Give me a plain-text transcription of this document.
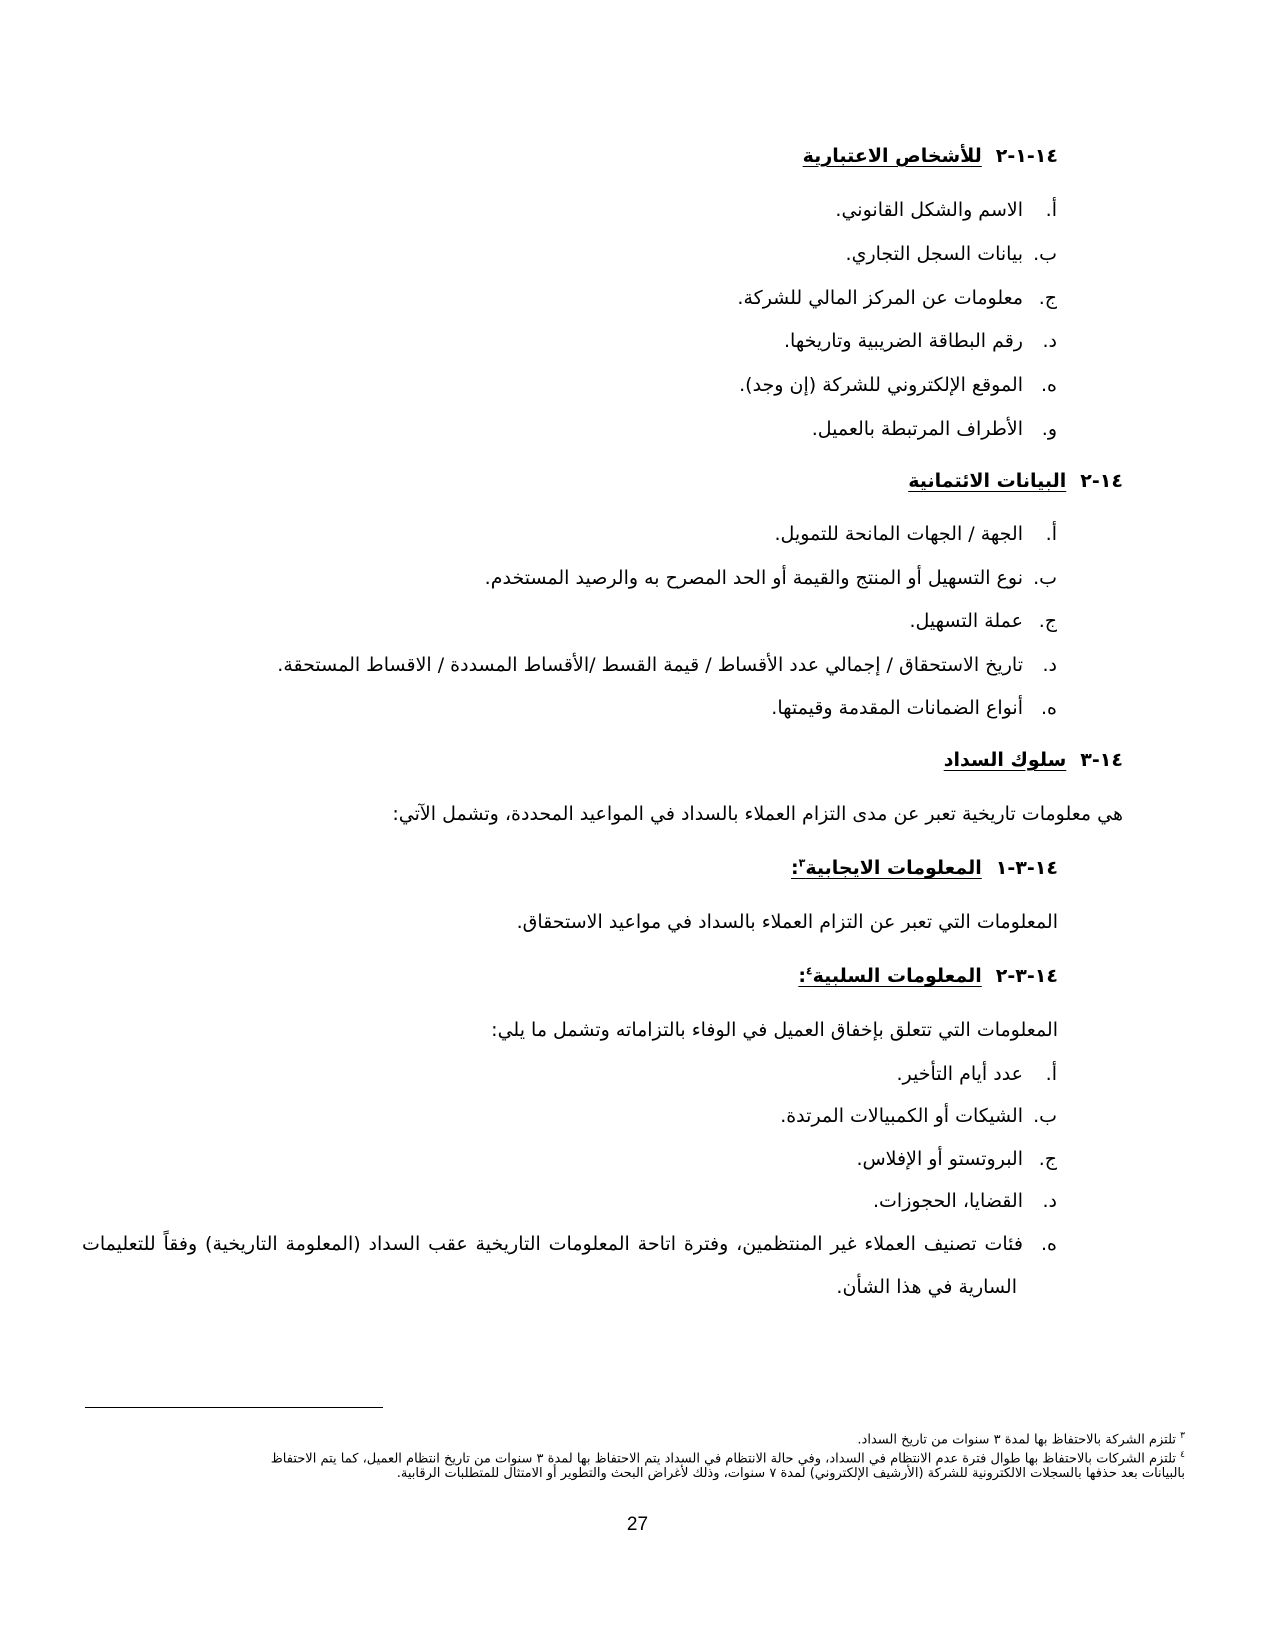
١٤-١-٢للأشخاص الاعتبارية
أ.الاسم والشكل القانوني.
ب.بيانات السجل التجاري.
ج.معلومات عن المركز المالي للشركة.
د.رقم البطاقة الضريبية وتاريخها.
ه.الموقع الإلكتروني للشركة (إن وجد).
و.الأطراف المرتبطة بالعميل.
١٤-٢البيانات الائتمانية
أ.الجهة / الجهات المانحة للتمويل.
ب.نوع التسهيل أو المنتج والقيمة أو الحد المصرح به والرصيد المستخدم.
ج.عملة التسهيل.
د.تاريخ الاستحقاق / إجمالي عدد الأقساط / قيمة القسط /الأقساط المسددة / الاقساط المستحقة.
ه.أنواع الضمانات المقدمة وقيمتها.
١٤-٣سلوك السداد
هي معلومات تاريخية تعبر عن مدى التزام العملاء بالسداد في المواعيد المحددة، وتشمل الآتي:
١٤-٣-١المعلومات الايجابية$^٣$:
المعلومات التي تعبر عن التزام العملاء بالسداد في مواعيد الاستحقاق.
١٤-٣-٢المعلومات السلبية$^٤$:
المعلومات التي تتعلق بإخفاق العميل في الوفاء بالتزاماته وتشمل ما يلي:
أ.عدد أيام التأخير.
ب.الشيكات أو الكمبيالات المرتدة.
ج.البروتستو أو الإفلاس.
د.القضايا، الحجوزات.
ه.فئات تصنيف العملاء غير المنتظمين، وفترة اتاحة المعلومات التاريخية عقب السداد (المعلومة التاريخية) وفقاً للتعليمات
السارية في هذا الشأن.
$^٣$ تلتزم الشركة بالاحتفاظ بها لمدة ٣ سنوات من تاريخ السداد.
$^٤$ تلتزم الشركات بالاحتفاظ بها طوال فترة عدم الانتظام في السداد، وفي حالة الانتظام في السداد يتم الاحتفاظ بها لمدة ٣ سنوات من تاريخ انتظام العميل، كما يتم الاحتفاظ
بالبيانات بعد حذفها بالسجلات الالكترونية للشركة (الأرشيف الإلكتروني) لمدة ٧ سنوات، وذلك لأغراض البحث والتطوير أو الامتثال للمتطلبات الرقابية.
27
